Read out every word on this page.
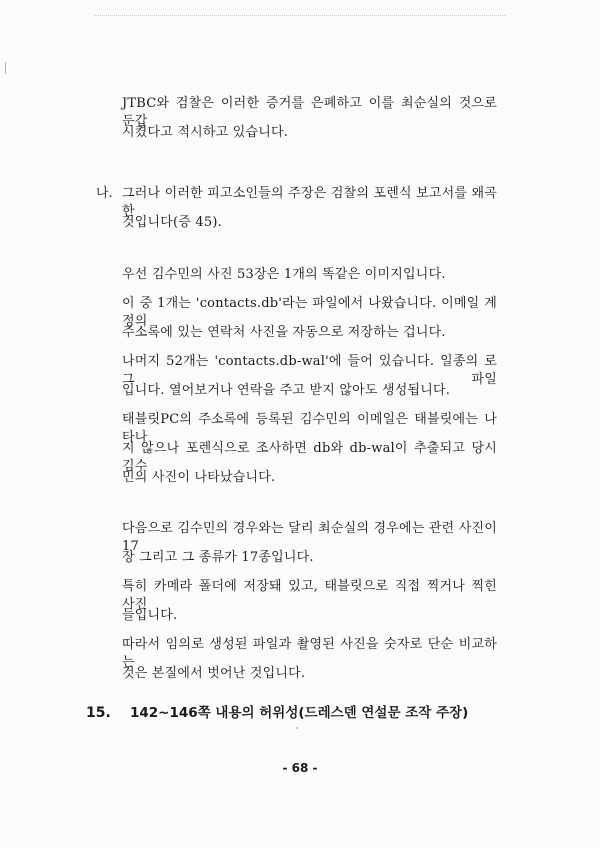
JTBC와 검찰은 이러한 증거를 은폐하고 이를 최순실의 것으로 둔갑
시켰다고 적시하고 있습니다.
나. 그러나 이러한 피고소인들의 주장은 검찰의 포렌식 보고서를 왜곡한
것입니다(증 45).
우선 김수민의 사진 53장은 1개의 똑같은 이미지입니다.
이 중 1개는 'contacts.db'라는 파일에서 나왔습니다. 이메일 계정의
주소록에 있는 연락처 사진을 자동으로 저장하는 겁니다.
나머지 52개는 'contacts.db-wal'에 들어 있습니다. 일종의 로그 파일
입니다. 열어보거나 연락을 주고 받지 않아도 생성됩니다.
태블릿PC의 주소록에 등록된 김수민의 이메일은 태블릿에는 나타나
지 않으나 포렌식으로 조사하면 db와 db-wal이 추출되고 당시 김수
민의 사진이 나타났습니다.
다음으로 김수민의 경우와는 달리 최순실의 경우에는 관련 사진이 17
장 그리고 그 종류가 17종입니다.
특히 카메라 폴더에 저장돼 있고, 태블릿으로 직접 찍거나 찍힌 사진
들입니다.
따라서 임의로 생성된 파일과 촬영된 사진을 숫자로 단순 비교하는
것은 본질에서 벗어난 것입니다.
15. 142~146쪽 내용의 허위성(드레스덴 연설문 조작 주장)
- 68 -
